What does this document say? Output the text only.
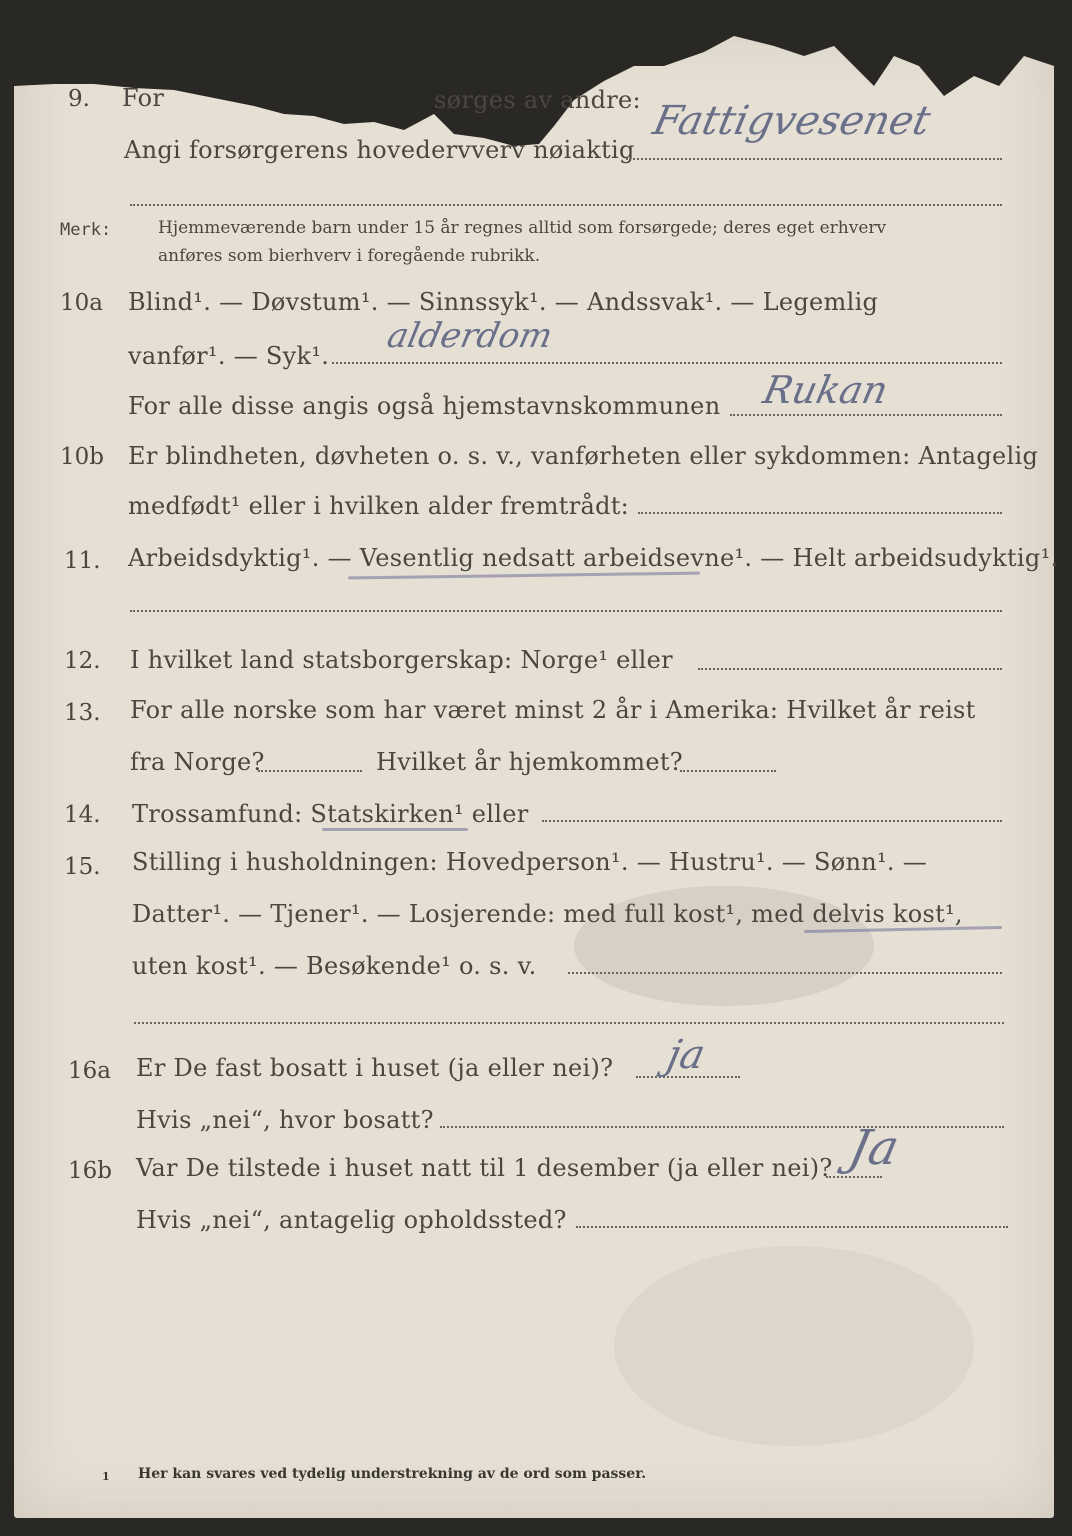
9. For	sørges av andre:
Angi forsørgerens hovedervverv nøiaktig
Fattigvesenet
Merk:	Hjemmeværende barn under 15 år regnes alltid som forsørgede; deres eget erhverv
anføres som bierhverv i foregående rubrikk.
10a Blind¹. — Døvstum¹. — Sinnssyk¹. — Andssvak¹. — Legemlig
vanfør¹. — Syk¹. alderdom
For alle disse angis også hjemstavnskommunen Rukan
10b Er blindheten, døvheten o. s. v., vanførheten eller sykdommen: Antagelig
medfødt¹ eller i hvilken alder fremtrådt:
11. Arbeidsdyktig¹. — Vesentlig nedsatt arbeidsevne¹. — Helt arbeidsudyktig¹.
12. I hvilket land statsborgerskap: Norge¹ eller
13. For alle norske som har været minst 2 år i Amerika: Hvilket år reist
fra Norge?	Hvilket år hjemkommet?
14. Trossamfund: Statskirken¹ eller
15. Stilling i husholdningen: Hovedperson¹. — Hustru¹. — Sønn¹. —
Datter¹. — Tjener¹. — Losjerende: med full kost¹, med delvis kost¹,
uten kost¹. — Besøkende¹ o. s. v.
16a Er De fast bosatt i huset (ja eller nei)? ja
Hvis „nei“, hvor bosatt?
16b Var De tilstede i huset natt til 1 desember (ja eller nei)? Ja
Hvis „nei“, antagelig opholdssted?
1 Her kan svares ved tydelig understrekning av de ord som passer.
